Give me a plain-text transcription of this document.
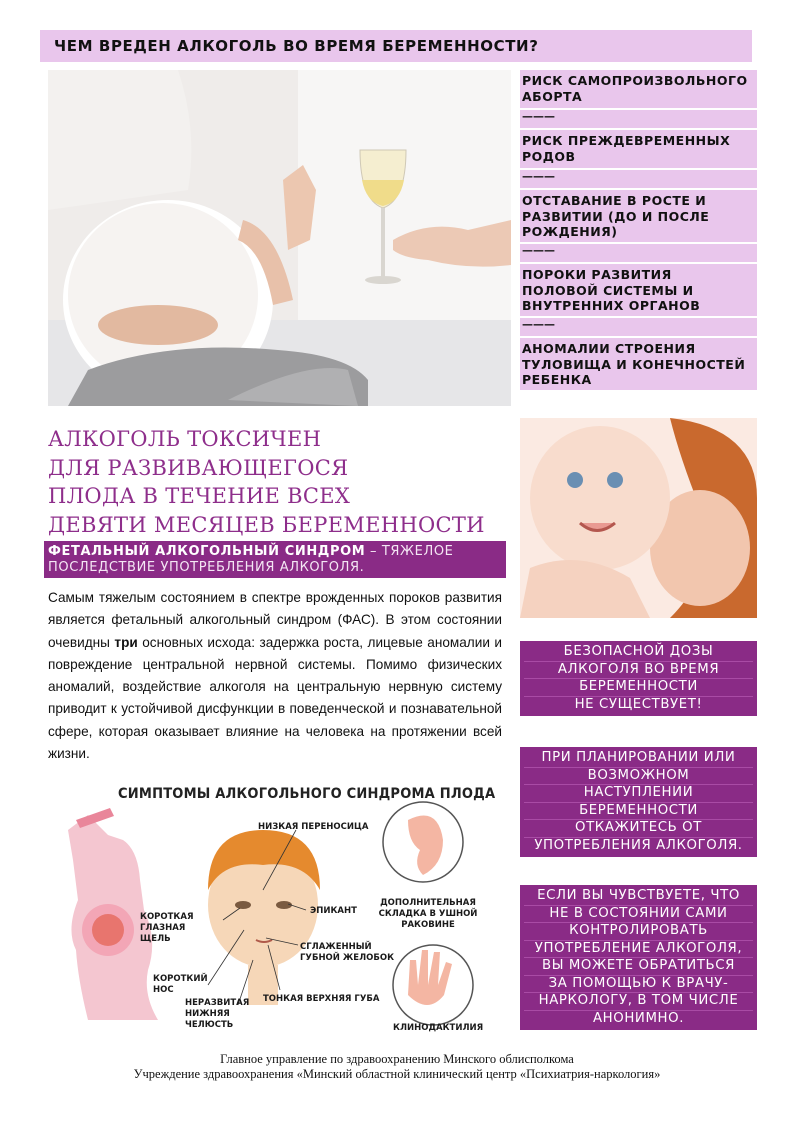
ЧЕМ ВРЕДЕН АЛКОГОЛЬ ВО ВРЕМЯ БЕРЕМЕННОСТИ?
РИСК САМОПРОИЗВОЛЬНОГО АБОРТА
———
РИСК ПРЕЖДЕВРЕМЕННЫХ РОДОВ
———
ОТСТАВАНИЕ В РОСТЕ И РАЗВИТИИ (ДО И ПОСЛЕ РОЖДЕНИЯ)
———
ПОРОКИ РАЗВИТИЯ ПОЛОВОЙ СИСТЕМЫ И ВНУТРЕННИХ ОРГАНОВ
———
АНОМАЛИИ СТРОЕНИЯ ТУЛОВИЩА И КОНЕЧНОСТЕЙ РЕБЕНКА
АЛКОГОЛЬ ТОКСИЧЕН
ДЛЯ РАЗВИВАЮЩЕГОСЯ
ПЛОДА В ТЕЧЕНИЕ ВСЕХ
ДЕВЯТИ МЕСЯЦЕВ БЕРЕМЕННОСТИ
ФЕТАЛЬНЫЙ АЛКОГОЛЬНЫЙ СИНДРОМ – ТЯЖЕЛОЕ ПОСЛЕДСТВИЕ УПОТРЕБЛЕНИЯ АЛКОГОЛЯ.
Самым тяжелым состоянием в спектре врожденных пороков развития является фетальный алкогольный синдром (ФАС). В этом состоянии очевидны три основных исхода: задержка роста, лицевые аномалии и повреждение центральной нервной системы. Помимо физических аномалий, воздействие алкоголя на центральную нервную систему приводит к устойчивой дисфункции в поведенческой и познавательной сфере, которая оказывает влияние на человека на протяжении всей жизни.
СИМПТОМЫ АЛКОГОЛЬНОГО СИНДРОМА ПЛОДА
НИЗКАЯ ПЕРЕНОСИЦА
ЭПИКАНТ
КОРОТКАЯ ГЛАЗНАЯ ЩЕЛЬ
СГЛАЖЕННЫЙ ГУБНОЙ ЖЕЛОБОК
КОРОТКИЙ НОС
НЕРАЗВИТАЯ НИЖНЯЯ ЧЕЛЮСТЬ
ТОНКАЯ ВЕРХНЯЯ ГУБА
ДОПОЛНИТЕЛЬНАЯ СКЛАДКА В УШНОЙ РАКОВИНЕ
КЛИНОДАКТИЛИЯ
БЕЗОПАСНОЙ ДОЗЫ
АЛКОГОЛЯ ВО ВРЕМЯ
БЕРЕМЕННОСТИ
НЕ СУЩЕСТВУЕТ!
ПРИ ПЛАНИРОВАНИИ ИЛИ
ВОЗМОЖНОМ
НАСТУПЛЕНИИ
БЕРЕМЕННОСТИ
ОТКАЖИТЕСЬ ОТ
УПОТРЕБЛЕНИЯ АЛКОГОЛЯ.
ЕСЛИ ВЫ ЧУВСТВУЕТЕ, ЧТО
НЕ В СОСТОЯНИИ САМИ
КОНТРОЛИРОВАТЬ
УПОТРЕБЛЕНИЕ АЛКОГОЛЯ,
ВЫ МОЖЕТЕ ОБРАТИТЬСЯ
ЗА ПОМОЩЬЮ К ВРАЧУ-
НАРКОЛОГУ, В ТОМ ЧИСЛЕ
АНОНИМНО.
Главное управление по здравоохранению Минского облисполкома
Учреждение здравоохранения «Минский областной клинический центр «Психиатрия-наркология»
